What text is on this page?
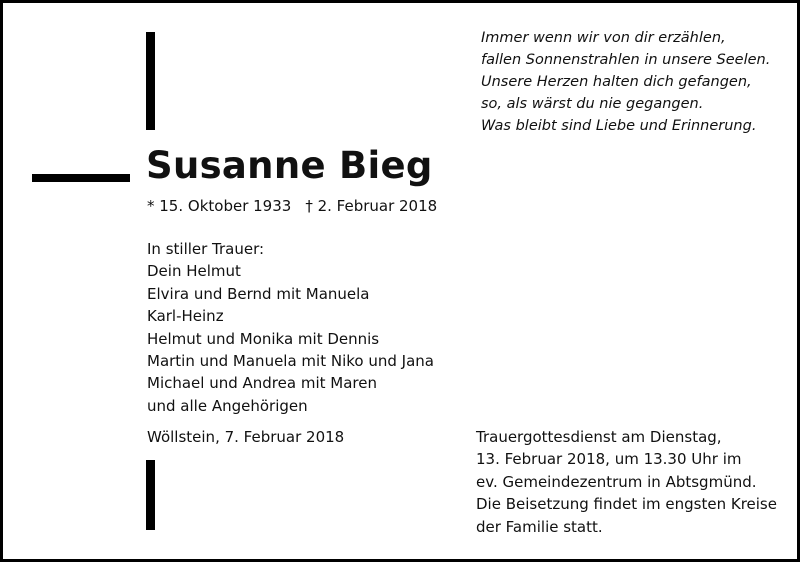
Immer wenn wir von dir erzählen,
fallen Sonnenstrahlen in unsere Seelen.
Unsere Herzen halten dich gefangen,
so, als wärst du nie gegangen.
Was bleibt sind Liebe und Erinnerung.
Susanne Bieg
* 15. Oktober 1933 † 2. Februar 2018
In stiller Trauer:
Dein Helmut
Elvira und Bernd mit Manuela
Karl-Heinz
Helmut und Monika mit Dennis
Martin und Manuela mit Niko und Jana
Michael und Andrea mit Maren
und alle Angehörigen
Wöllstein, 7. Februar 2018	Trauergottesdienst am Dienstag,
13. Februar 2018, um 13.30 Uhr im
ev. Gemeindezentrum in Abtsgmünd.
Die Beisetzung findet im engsten Kreise
der Familie statt.
